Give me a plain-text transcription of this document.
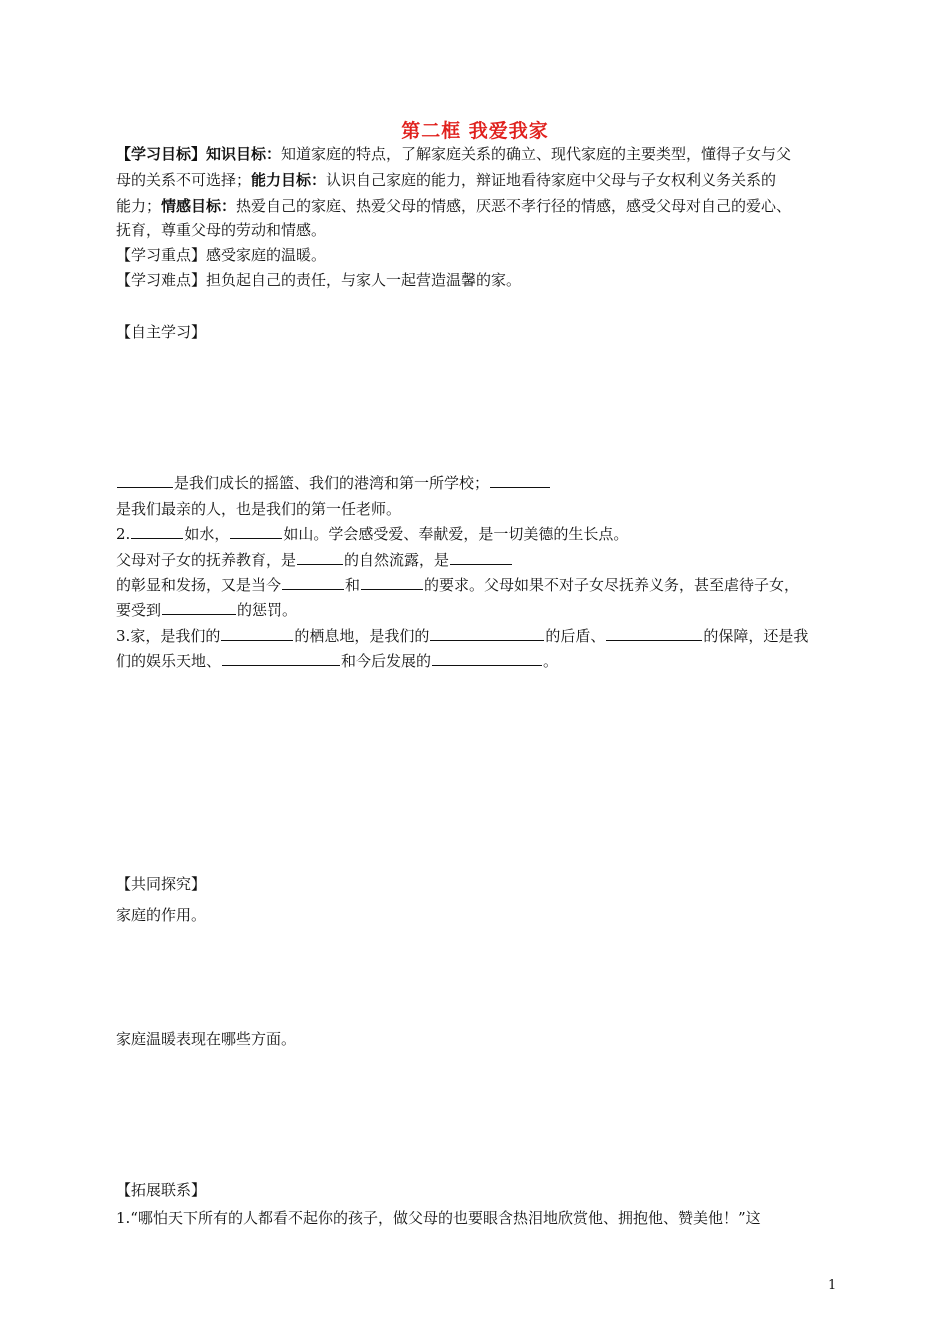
第二框 我爱我家
【学习目标】知识目标：知道家庭的特点，了解家庭关系的确立、现代家庭的主要类型，懂得子女与父
母的关系不可选择；能力目标：认识自己家庭的能力，辩证地看待家庭中父母与子女权利义务关系的
能力；情感目标：热爱自己的家庭、热爱父母的情感，厌恶不孝行径的情感，感受父母对自己的爱心、
抚育，尊重父母的劳动和情感。
【学习重点】感受家庭的温暖。
【学习难点】担负起自己的责任，与家人一起营造温馨的家。
【自主学习】
是我们成长的摇篮、我们的港湾和第一所学校；
是我们最亲的人，也是我们的第一任老师。
2.	如水，	如山。学会感受爱、奉献爱，是一切美德的生长点。
父母对子女的抚养教育，是	的自然流露，是
的彰显和发扬，又是当今	和	的要求。父母如果不对子女尽抚养义务，甚至虐待子女，
要受到	的惩罚。
3.家，是我们的	的栖息地，是我们的	的后盾、	的保障，还是我
们的娱乐天地、	和今后发展的	。
【共同探究】
家庭的作用。
家庭温暖表现在哪些方面。
【拓展联系】
1.“哪怕天下所有的人都看不起你的孩子，做父母的也要眼含热泪地欣赏他、拥抱他、赞美他！”这
1
